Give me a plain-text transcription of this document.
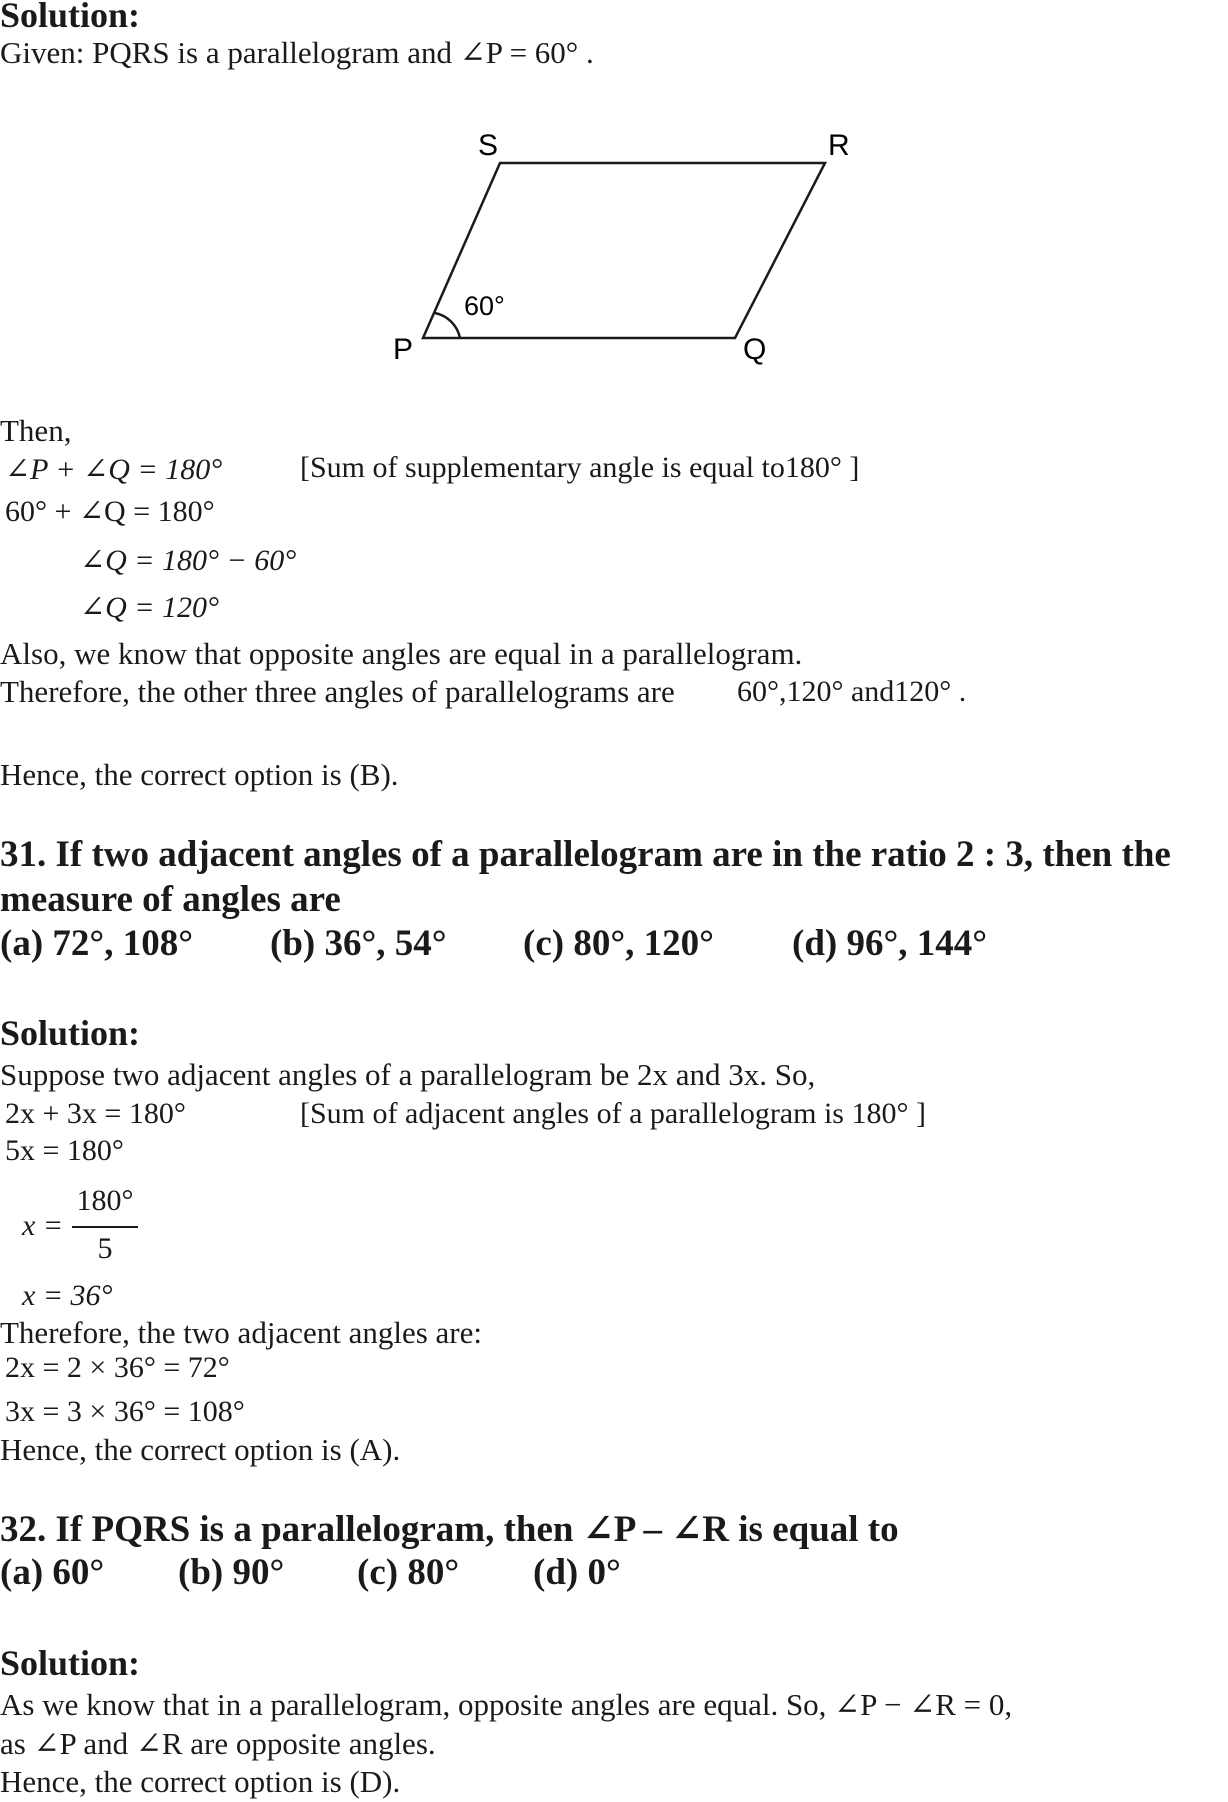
Solution:
Given: PQRS is a parallelogram and ∠P = 60° .
S	R
P	Q
60°
Then,
∠P + ∠Q = 180°	[Sum of supplementary angle is equal to180° ]
60° + ∠Q = 180°
∠Q = 180° − 60°
∠Q = 120°
Also, we know that opposite angles are equal in a parallelogram.
Therefore, the other three angles of parallelograms are 60°,120° and120° .
Hence, the correct option is (B).
31. If two adjacent angles of a parallelogram are in the ratio 2 : 3, then the
measure of angles are
(a) 72°, 108° (b) 36°, 54° (c) 80°, 120° (d) 96°, 144°
Solution:
Suppose two adjacent angles of a parallelogram be 2x and 3x. So,
2x + 3x = 180°	[Sum of adjacent angles of a parallelogram is 180° ]
5x = 180°
x =
180°
5
x = 36°
Therefore, the two adjacent angles are:
2x = 2 × 36° = 72°
3x = 3 × 36° = 108°
Hence, the correct option is (A).
32. If PQRS is a parallelogram, then ∠P – ∠R is equal to
(a) 60° (b) 90° (c) 80° (d) 0°
Solution:
As we know that in a parallelogram, opposite angles are equal. So, ∠P − ∠R = 0,
as ∠P and ∠R are opposite angles.
Hence, the correct option is (D).
